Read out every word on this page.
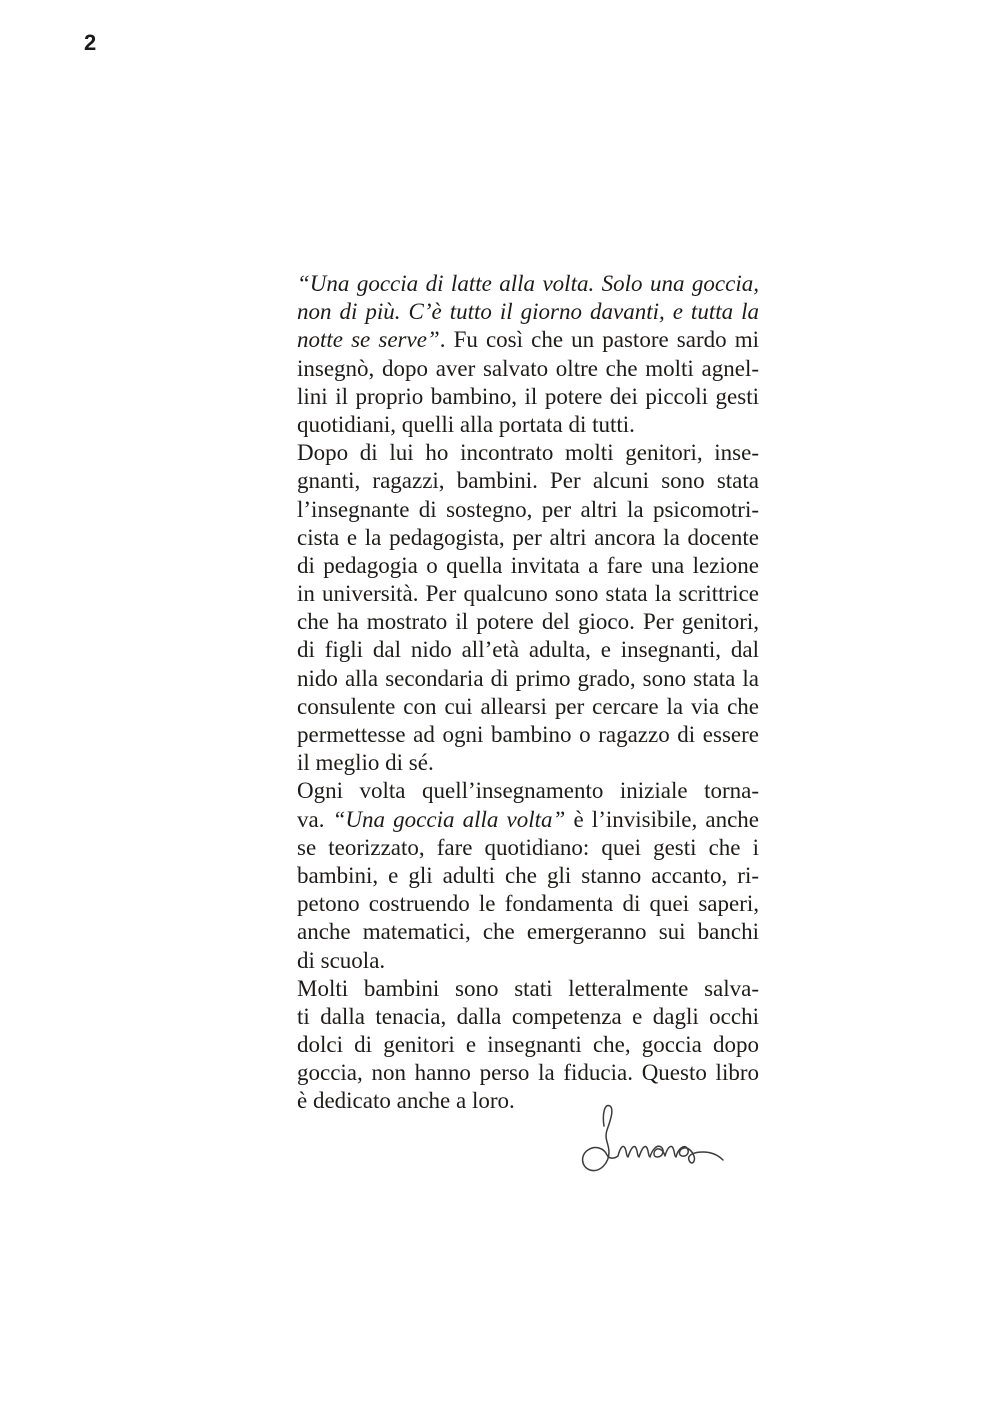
2
“Una goccia di latte alla volta. Solo una goccia,
non di più. C’è tutto il giorno davanti, e tutta la
notte se serve”. Fu così che un pastore sardo mi
insegnò, dopo aver salvato oltre che molti agnel-
lini il proprio bambino, il potere dei piccoli gesti
quotidiani, quelli alla portata di tutti.
Dopo di lui ho incontrato molti genitori, inse-
gnanti, ragazzi, bambini. Per alcuni sono stata
l’insegnante di sostegno, per altri la psicomotri-
cista e la pedagogista, per altri ancora la docente
di pedagogia o quella invitata a fare una lezione
in università. Per qualcuno sono stata la scrittrice
che ha mostrato il potere del gioco. Per genitori,
di figli dal nido all’età adulta, e insegnanti, dal
nido alla secondaria di primo grado, sono stata la
consulente con cui allearsi per cercare la via che
permettesse ad ogni bambino o ragazzo di essere
il meglio di sé.
Ogni volta quell’insegnamento iniziale torna-
va. “Una goccia alla volta” è l’invisibile, anche
se teorizzato, fare quotidiano: quei gesti che i
bambini, e gli adulti che gli stanno accanto, ri-
petono costruendo le fondamenta di quei saperi,
anche matematici, che emergeranno sui banchi
di scuola.
Molti bambini sono stati letteralmente salva-
ti dalla tenacia, dalla competenza e dagli occhi
dolci di genitori e insegnanti che, goccia dopo
goccia, non hanno perso la fiducia. Questo libro
è dedicato anche a loro.
